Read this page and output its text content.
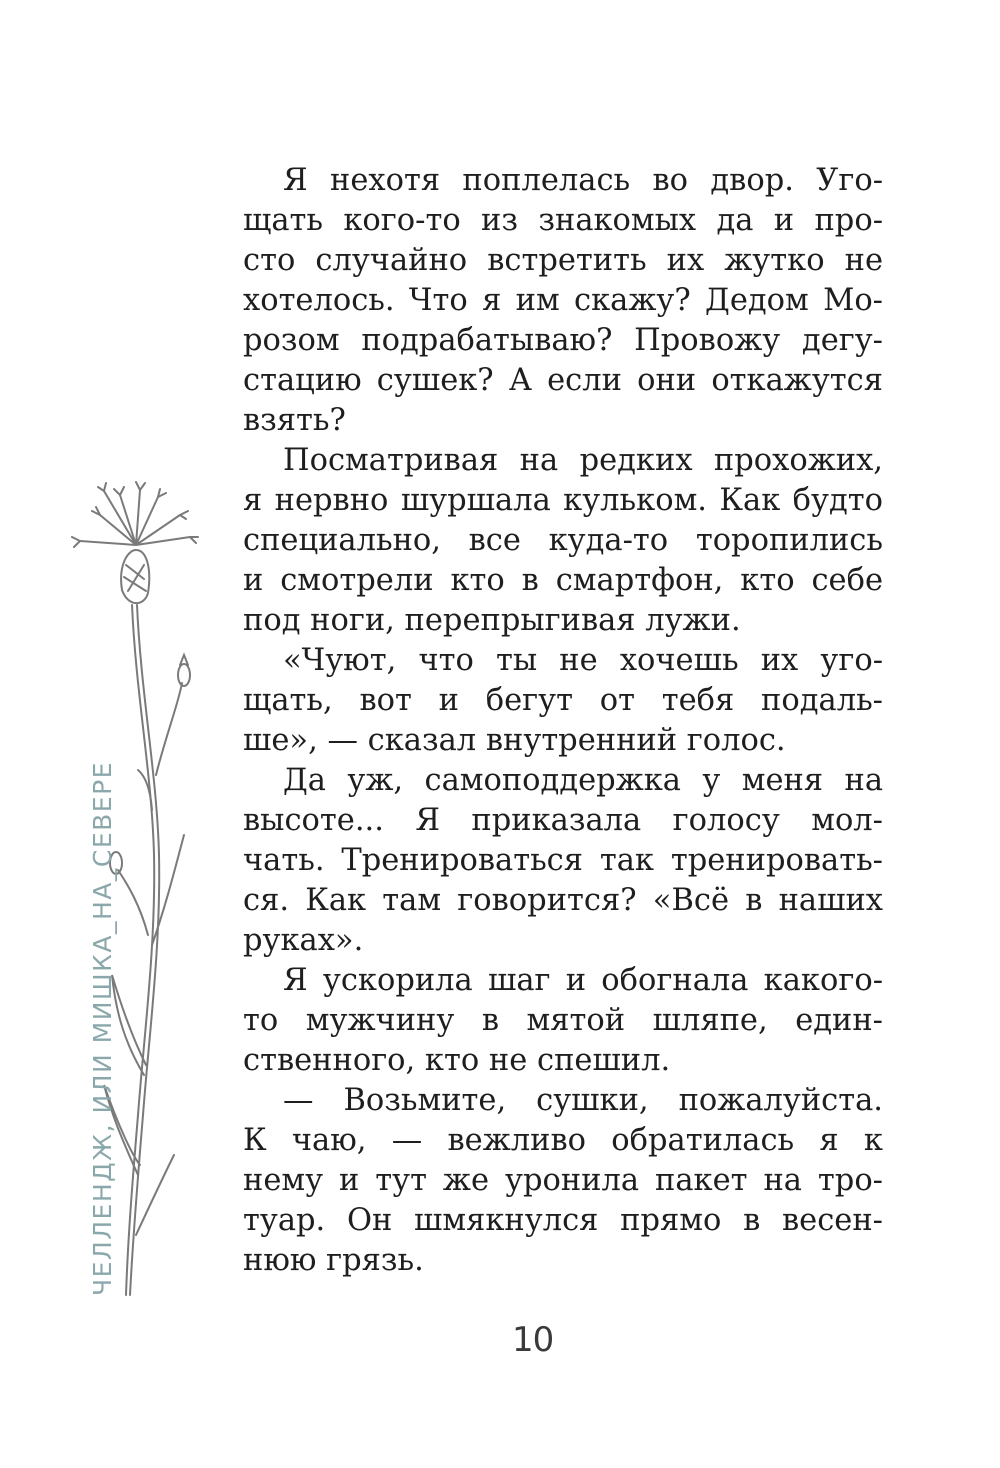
ЧЕЛЛЕНДЖ, ИЛИ МИШКА_НА_СЕВЕРЕ
Я нехотя поплелась во двор. Уго-
щать кого-то из знакомых да и про-
сто случайно встретить их жутко не
хотелось. Что я им скажу? Дедом Мо-
розом подрабатываю? Провожу дегу-
стацию сушек? А если они откажутся
взять?
Посматривая на редких прохожих,
я нервно шуршала кульком. Как будто
специально, все куда-то торопились
и смотрели кто в смартфон, кто себе
под ноги, перепрыгивая лужи.
«Чуют, что ты не хочешь их уго-
щать, вот и бегут от тебя подаль-
ше», — сказал внутренний голос.
Да уж, самоподдержка у меня на
высоте... Я приказала голосу мол-
чать. Тренироваться так тренировать-
ся. Как там говорится? «Всё в наших
руках».
Я ускорила шаг и обогнала какого-
то мужчину в мятой шляпе, един-
ственного, кто не спешил.
— Возьмите, сушки, пожалуйста.
К чаю, — вежливо обратилась я к
нему и тут же уронила пакет на тро-
туар. Он шмякнулся прямо в весен-
нюю грязь.
10
